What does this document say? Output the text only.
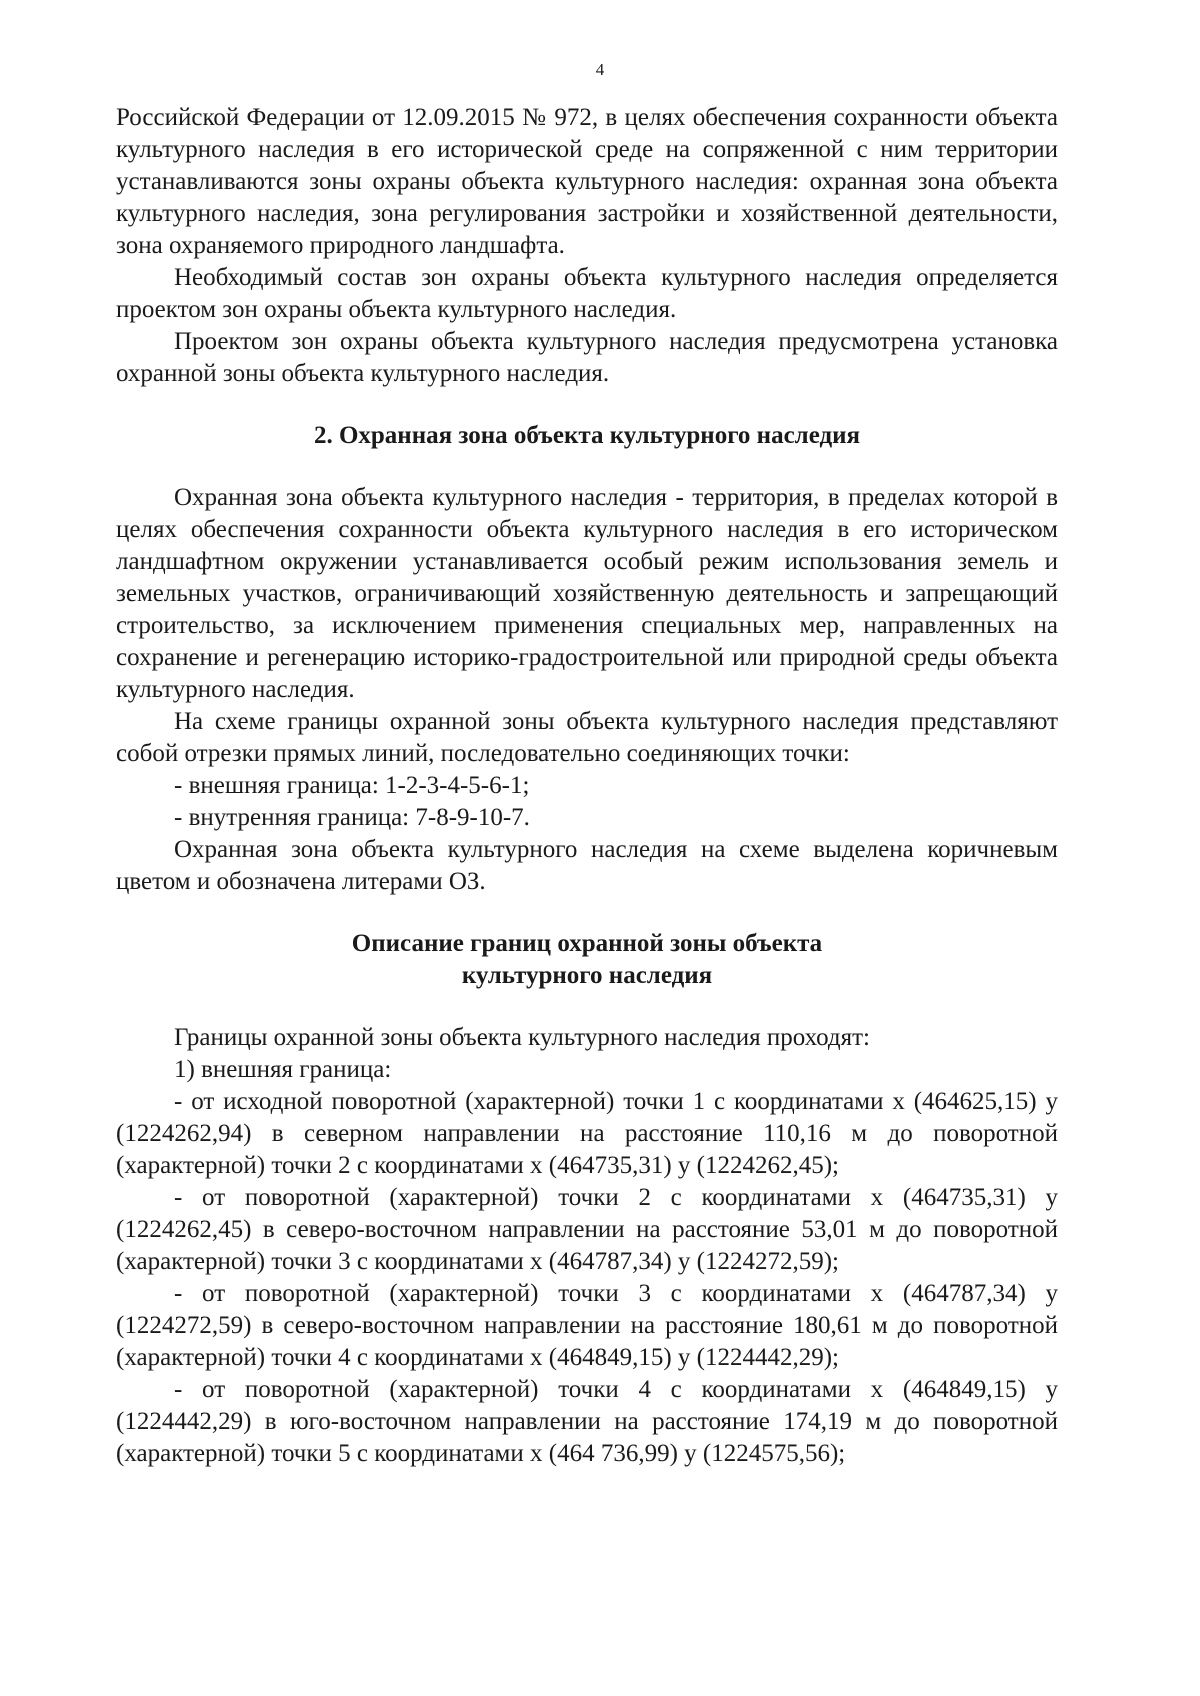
4

Российской Федерации от 12.09.2015 № 972, в целях обеспечения сохранности объекта культурного наследия в его исторической среде на сопряженной с ним территории устанавливаются зоны охраны объекта культурного наследия: охранная зона объекта культурного наследия, зона регулирования застройки и хозяйственной деятельности, зона охраняемого природного ландшафта.

Необходимый состав зон охраны объекта культурного наследия определяется проектом зон охраны объекта культурного наследия.

Проектом зон охраны объекта культурного наследия предусмотрена установка охранной зоны объекта культурного наследия.

2. Охранная зона объекта культурного наследия

Охранная зона объекта культурного наследия - территория, в пределах которой в целях обеспечения сохранности объекта культурного наследия в его историческом ландшафтном окружении устанавливается особый режим использования земель и земельных участков, ограничивающий хозяйственную деятельность и запрещающий строительство, за исключением применения специальных мер, направленных на сохранение и регенерацию историко-градостроительной или природной среды объекта культурного наследия.

На схеме границы охранной зоны объекта культурного наследия представляют собой отрезки прямых линий, последовательно соединяющих точки:

- внешняя граница: 1-2-3-4-5-6-1;

- внутренняя граница: 7-8-9-10-7.

Охранная зона объекта культурного наследия на схеме выделена коричневым цветом и обозначена литерами ОЗ.

Описание границ охранной зоны объекта
культурного наследия

Границы охранной зоны объекта культурного наследия проходят:

1) внешняя граница:

- от исходной поворотной (характерной) точки 1 с координатами x (464625,15) y (1224262,94) в северном направлении на расстояние 110,16 м до поворотной (характерной) точки 2 с координатами x (464735,31) y (1224262,45);

- от поворотной (характерной) точки 2 с координатами x (464735,31) y (1224262,45) в северо-восточном направлении на расстояние 53,01 м до поворотной (характерной) точки 3 с координатами x (464787,34) y (1224272,59);

- от поворотной (характерной) точки 3 с координатами x (464787,34) y (1224272,59) в северо-восточном направлении на расстояние 180,61 м до поворотной (характерной) точки 4 с координатами x (464849,15) y (1224442,29);

- от поворотной (характерной) точки 4 с координатами x (464849,15) y (1224442,29) в юго-восточном направлении на расстояние 174,19 м до поворотной (характерной) точки 5 с координатами x (464 736,99) y (1224575,56);
